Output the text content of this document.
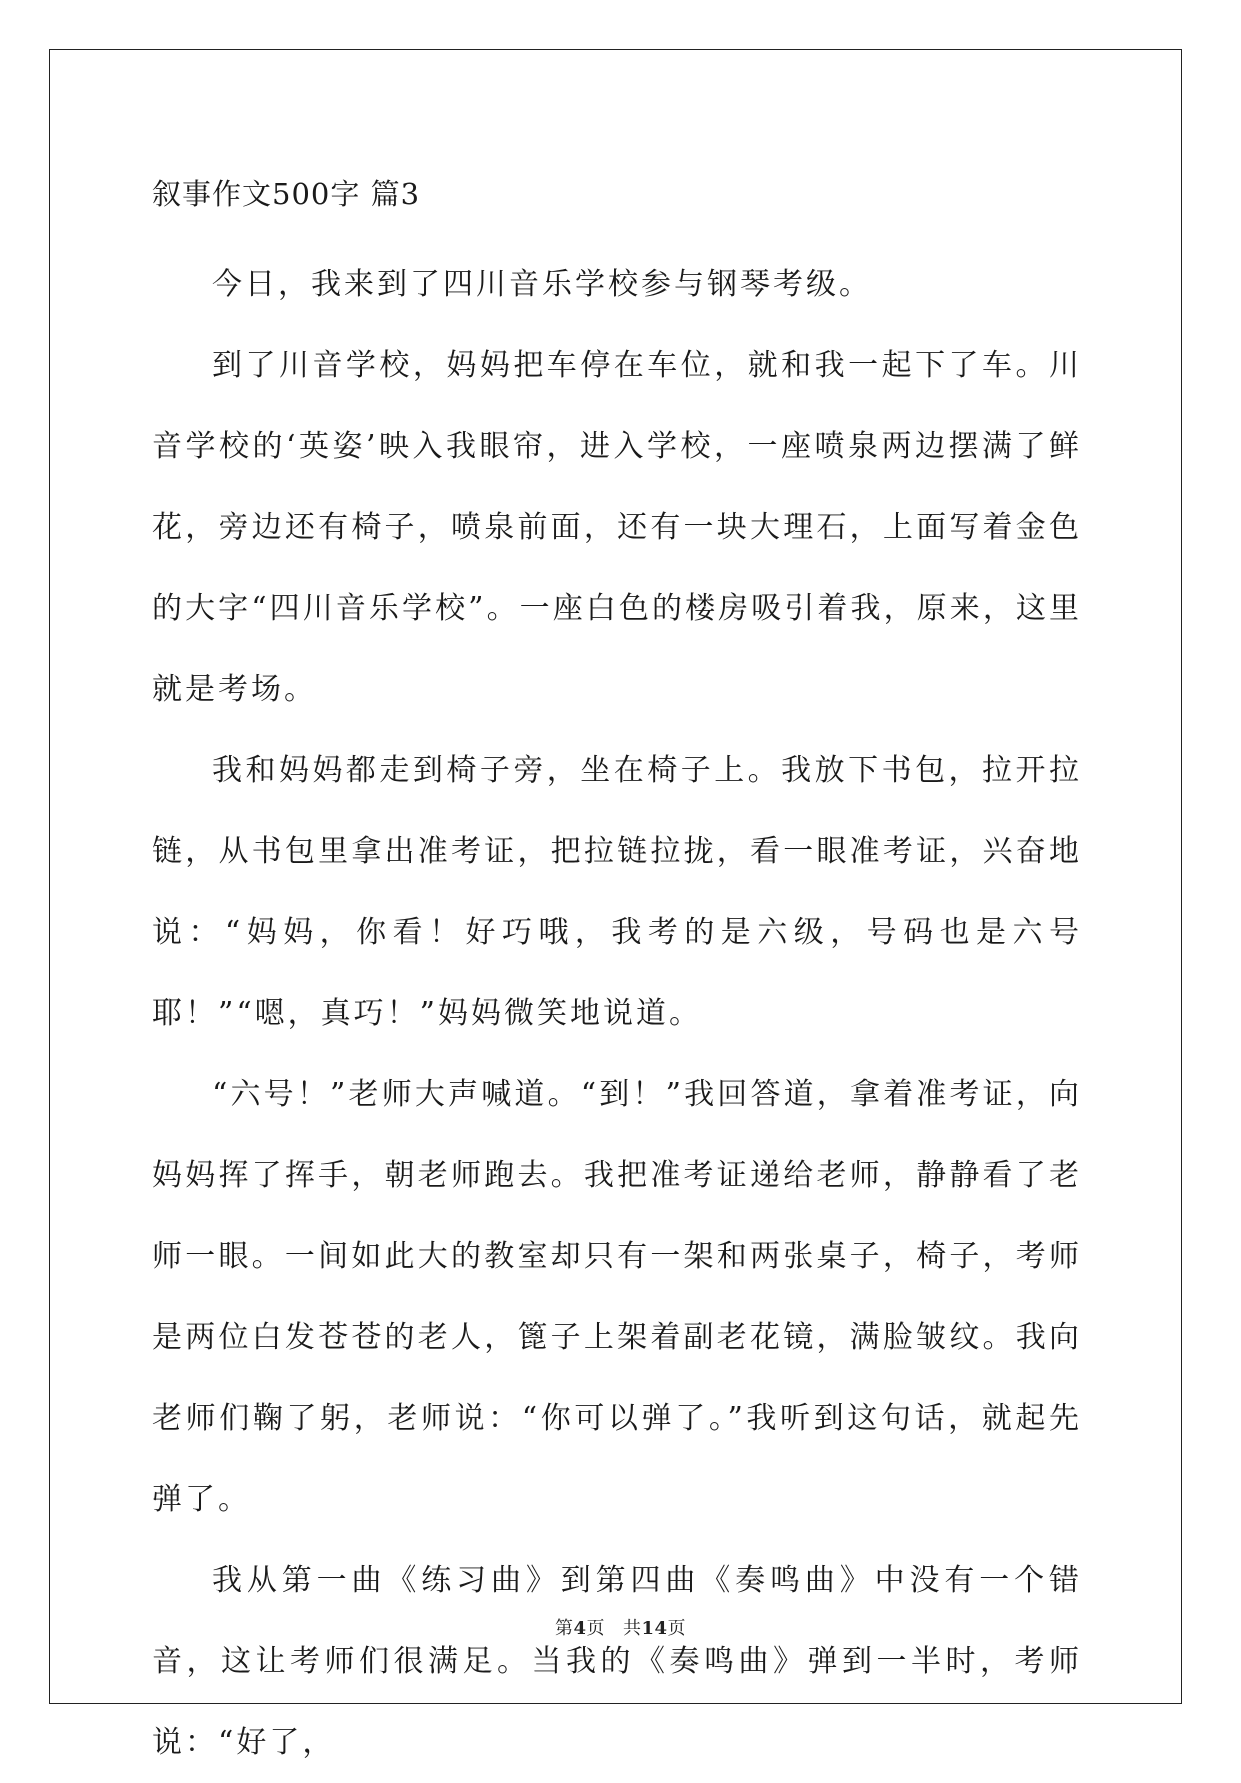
叙事作文500字 篇3

今日，我来到了四川音乐学校参与钢琴考级。

到了川音学校，妈妈把车停在车位，就和我一起下了车。川音学校的‘英姿’映入我眼帘，进入学校，一座喷泉两边摆满了鲜花，旁边还有椅子，喷泉前面，还有一块大理石，上面写着金色的大字“四川音乐学校”。一座白色的楼房吸引着我，原来，这里就是考场。

我和妈妈都走到椅子旁，坐在椅子上。我放下书包，拉开拉链，从书包里拿出准考证，把拉链拉拢，看一眼准考证，兴奋地说：“妈妈，你看！好巧哦，我考的是六级，号码也是六号耶！”“嗯，真巧！”妈妈微笑地说道。

“六号！”老师大声喊道。“到！”我回答道，拿着准考证，向妈妈挥了挥手，朝老师跑去。我把准考证递给老师，静静看了老师一眼。一间如此大的教室却只有一架和两张桌子，椅子，考师是两位白发苍苍的老人，篦子上架着副老花镜，满脸皱纹。我向老师们鞠了躬，老师说：“你可以弹了。”我听到这句话，就起先弹了。

我从第一曲《练习曲》到第四曲《奏鸣曲》中没有一个错音，这让考师们很满足。当我的《奏鸣曲》弹到一半时，考师说：“好了，

第4页 共14页
